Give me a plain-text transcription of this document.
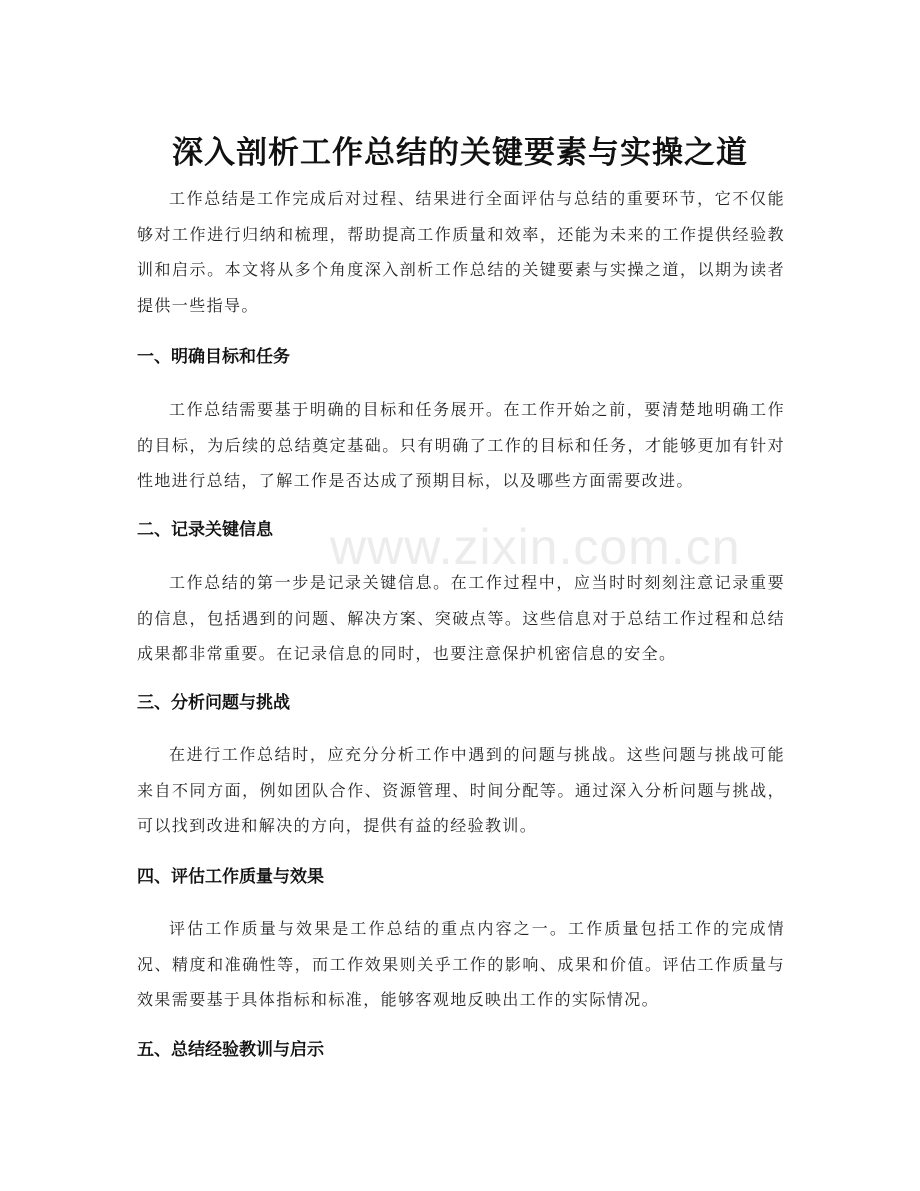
www.zixin.com.cn
深入剖析工作总结的关键要素与实操之道

工作总结是工作完成后对过程、结果进行全面评估与总结的重要环节，它不仅能够对工作进行归纳和梳理，帮助提高工作质量和效率，还能为未来的工作提供经验教训和启示。本文将从多个角度深入剖析工作总结的关键要素与实操之道，以期为读者提供一些指导。

一、明确目标和任务

工作总结需要基于明确的目标和任务展开。在工作开始之前，要清楚地明确工作的目标，为后续的总结奠定基础。只有明确了工作的目标和任务，才能够更加有针对性地进行总结，了解工作是否达成了预期目标，以及哪些方面需要改进。

二、记录关键信息

工作总结的第一步是记录关键信息。在工作过程中，应当时时刻刻注意记录重要的信息，包括遇到的问题、解决方案、突破点等。这些信息对于总结工作过程和总结成果都非常重要。在记录信息的同时，也要注意保护机密信息的安全。

三、分析问题与挑战

在进行工作总结时，应充分分析工作中遇到的问题与挑战。这些问题与挑战可能来自不同方面，例如团队合作、资源管理、时间分配等。通过深入分析问题与挑战，可以找到改进和解决的方向，提供有益的经验教训。

四、评估工作质量与效果

评估工作质量与效果是工作总结的重点内容之一。工作质量包括工作的完成情况、精度和准确性等，而工作效果则关乎工作的影响、成果和价值。评估工作质量与效果需要基于具体指标和标准，能够客观地反映出工作的实际情况。

五、总结经验教训与启示
